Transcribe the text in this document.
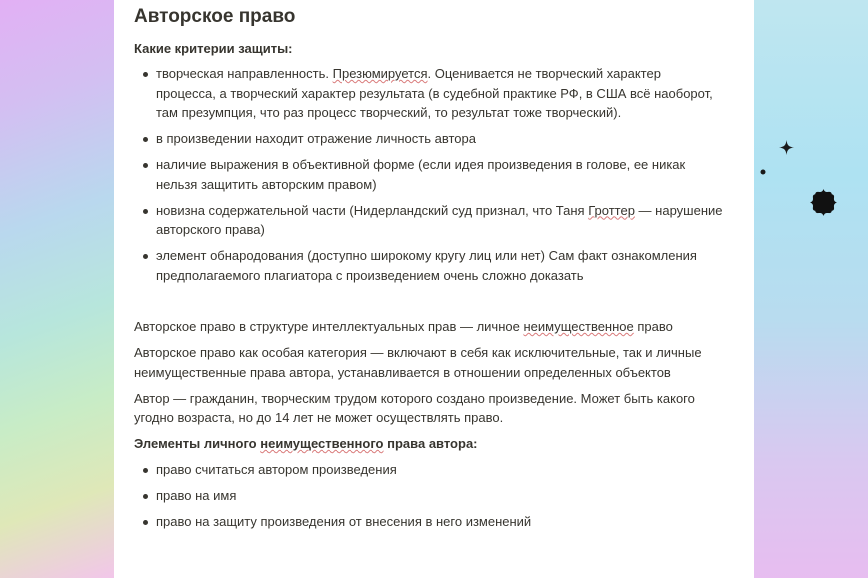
Авторское право
Какие критерии защиты:
творческая направленность. Презюмируется. Оценивается не творческий характер процесса, а творческий характер результата (в судебной практике РФ, в США всё наоборот, там презумпция, что раз процесс творческий, то результат тоже творческий).
в произведении находит отражение личность автора
наличие выражения в объективной форме (если идея произведения в голове, ее никак нельзя защитить авторским правом)
новизна содержательной части (Нидерландский суд признал, что Таня Гроттер — нарушение авторского права)
элемент обнародования (доступно широкому кругу лиц или нет) Сам факт ознакомления предполагаемого плагиатора с произведением очень сложно доказать

Авторское право в структуре интеллектуальных прав — личное неимущественное право

Авторское право как особая категория — включают в себя как исключительные, так и личные неимущественные права автора, устанавливается в отношении определенных объектов

Автор — гражданин, творческим трудом которого создано произведение. Может быть какого угодно возраста, но до 14 лет не может осуществлять право.

Элементы личного неимущественного права автора:
право считаться автором произведения
право на имя
право на защиту произведения от внесения в него изменений
